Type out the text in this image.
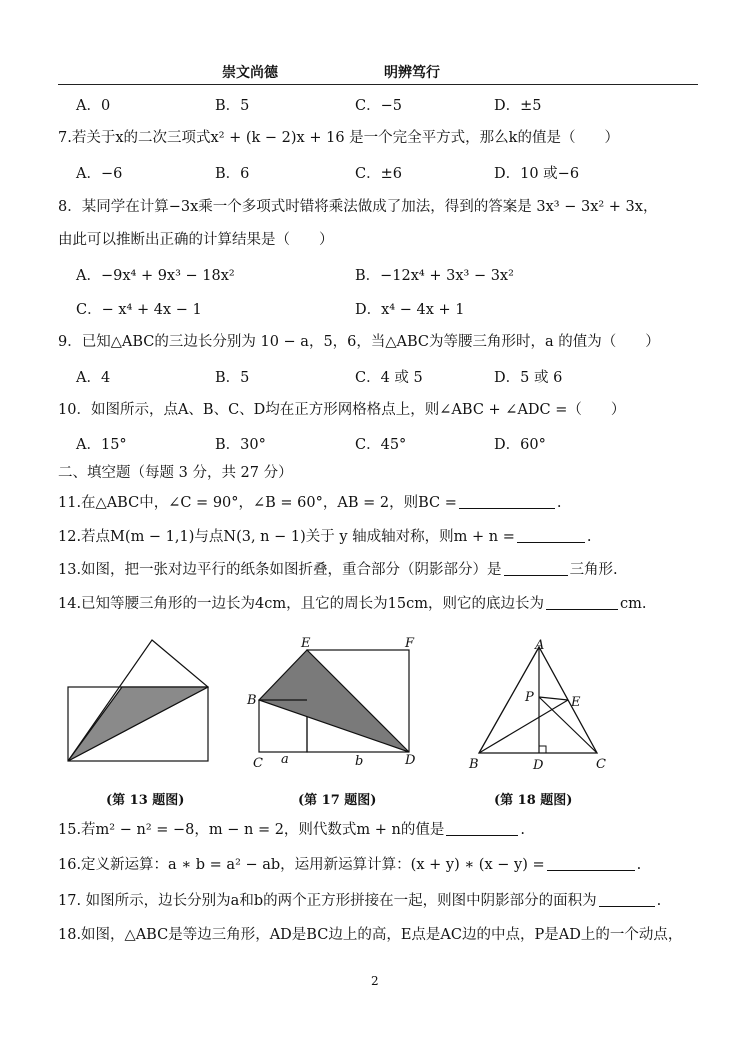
崇文尚德	明辨笃行
A．0	B．5	C．−5	D．±5
7.若关于x的二次三项式x² + (k − 2)x + 16 是一个完全平方式，那么k的值是（　　）
A．−6	B．6	C．±6	D．10 或−6
8．某同学在计算−3x乘一个多项式时错将乘法做成了加法，得到的答案是 3x³ − 3x² + 3x，
由此可以推断出正确的计算结果是（　　）
A．−9x⁴ + 9x³ − 18x²	B．−12x⁴ + 3x³ − 3x²
C．− x⁴ + 4x − 1	D．x⁴ − 4x + 1
9．已知△ABC的三边长分别为 10 − a，5，6，当△ABC为等腰三角形时，a 的值为（　　）
A．4	B．5	C．4 或 5	D．5 或 6
10．如图所示，点A、B、C、D均在正方形网格格点上，则∠ABC + ∠ADC =（　　）
A．15°	B．30°	C．45°	D．60°
二、填空题（每题 3 分，共 27 分）
11.在△ABC中，∠C = 90°，∠B = 60°，AB = 2，则BC =	.
12.若点M(m − 1,1)与点N(3, n − 1)关于 y 轴成轴对称，则m + n =	.
13.如图，把一张对边平行的纸条如图折叠，重合部分（阴影部分）是	三角形.
14.已知等腰三角形的一边长为4cm，且它的周长为15cm，则它的底边长为	cm.
E	F
B
C a	b	D
A
P	E
B	D	C
(第 13 题图)	(第 17 题图)	(第 18 题图)
15.若m² − n² = −8，m − n = 2，则代数式m + n的值是	.
16.定义新运算：a ∗ b = a² − ab，运用新运算计算：(x + y) ∗ (x − y) =	.
17. 如图所示，边长分别为a和b的两个正方形拼接在一起，则图中阴影部分的面积为	.
18.如图，△ABC是等边三角形，AD是BC边上的高，E点是AC边的中点，P是AD上的一个动点，
2
